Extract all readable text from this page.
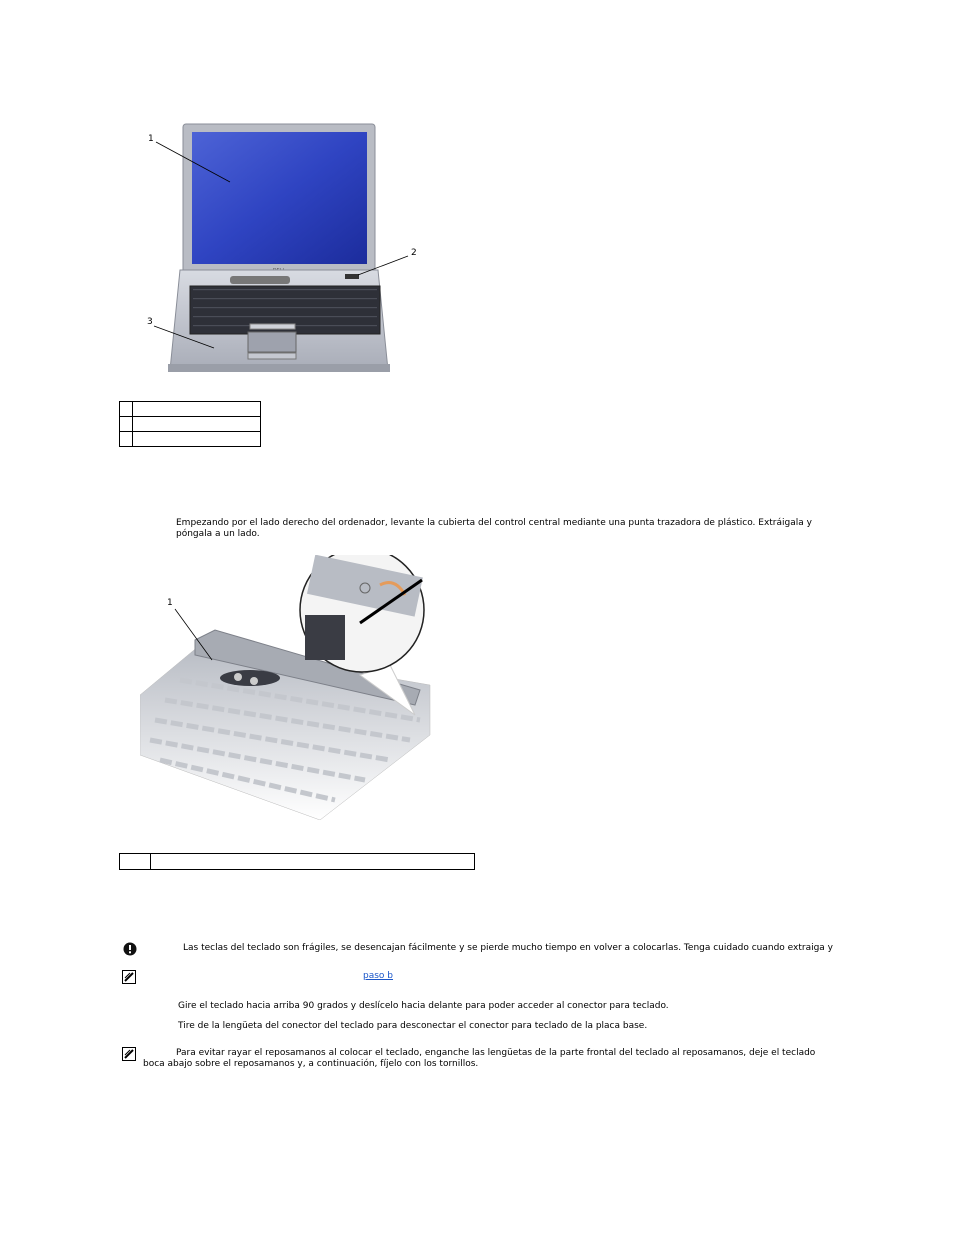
1
2
3

Empezando por el lado derecho del ordenador, levante la cubierta del control central mediante una punta trazadora de plástico. Extráigala y póngala a un lado.
1

Las teclas del teclado son frágiles, se desencajan fácilmente y se pierde mucho tiempo en volver a colocarlas. Tenga cuidado cuando extraiga y
paso b
Gire el teclado hacia arriba 90 grados y deslícelo hacia delante para poder acceder al conector para teclado.
Tire de la lengüeta del conector del teclado para desconectar el conector para teclado de la placa base.
Para evitar rayar el reposamanos al colocar el teclado, enganche las lengüetas de la parte frontal del teclado al reposamanos, deje el teclado
boca abajo sobre el reposamanos y, a continuación, fíjelo con los tornillos.
